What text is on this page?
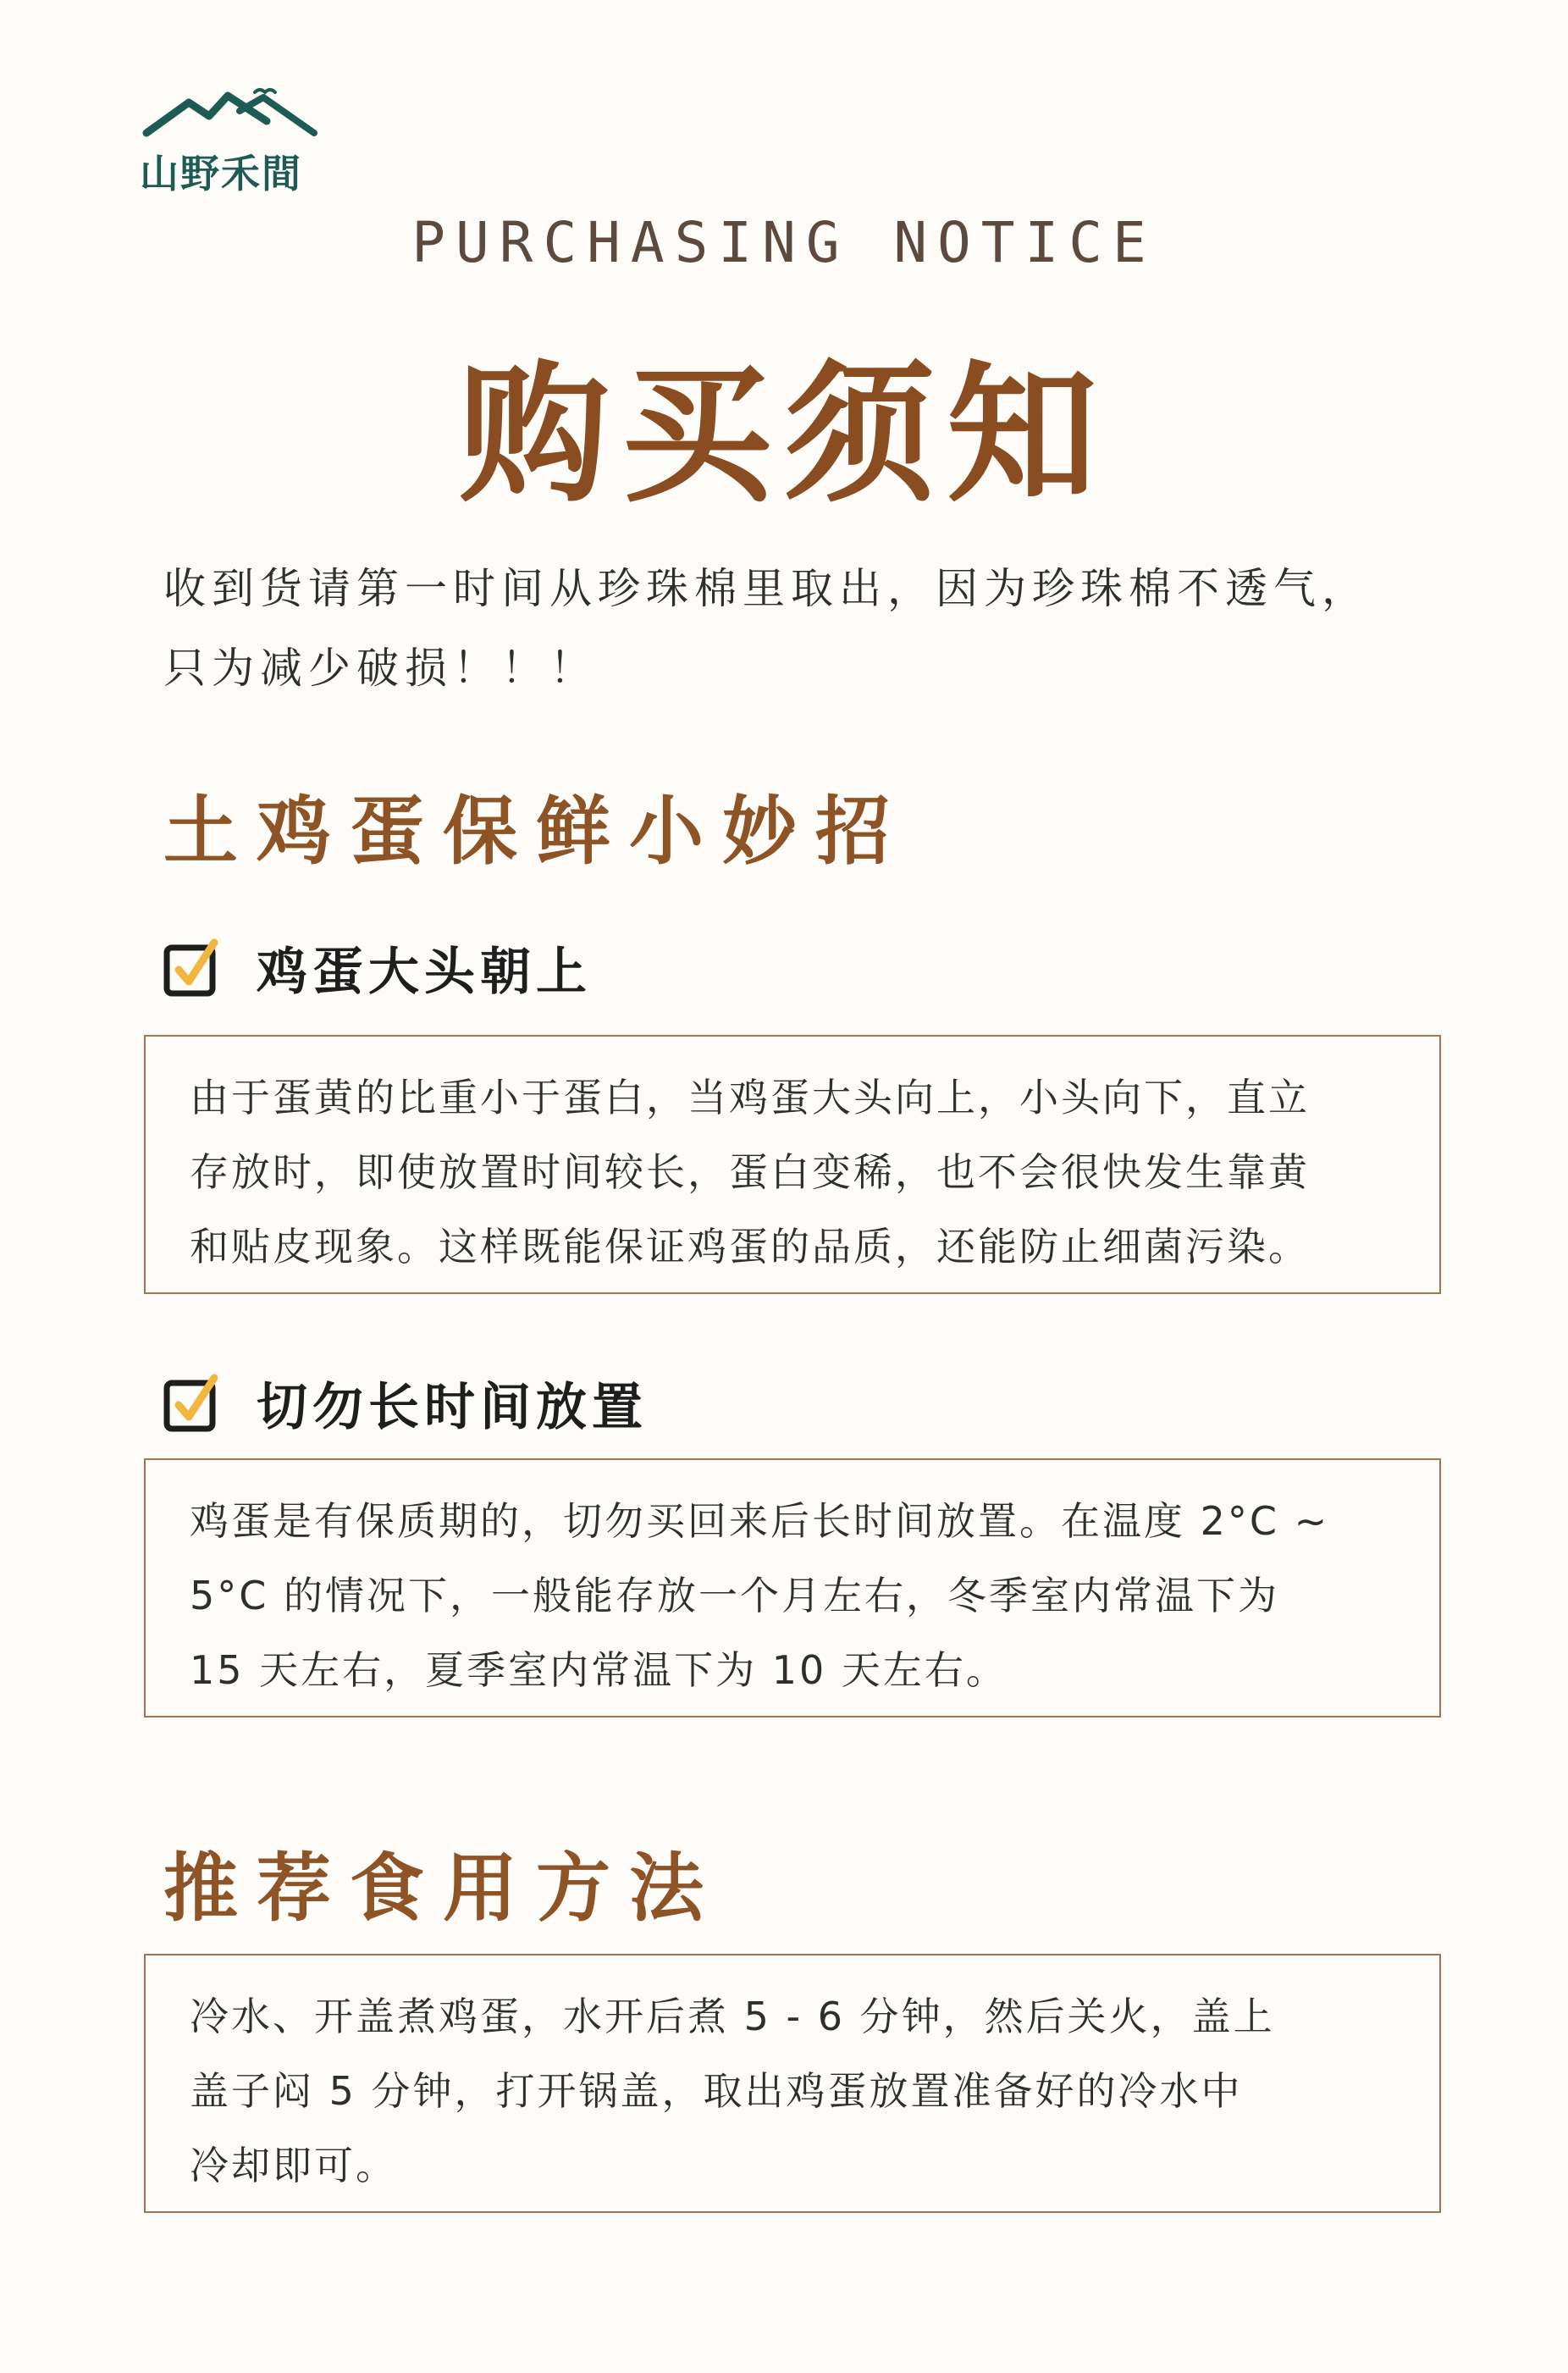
山野禾間
PURCHASING NOTICE
购买须知
收到货请第一时间从珍珠棉里取出，因为珍珠棉不透气，
只为减少破损！！！
土鸡蛋保鲜小妙招
鸡蛋大头朝上
由于蛋黄的比重小于蛋白，当鸡蛋大头向上，小头向下，直立
存放时，即使放置时间较长，蛋白变稀，也不会很快发生靠黄
和贴皮现象。这样既能保证鸡蛋的品质，还能防止细菌污染。
切勿长时间放置
鸡蛋是有保质期的，切勿买回来后长时间放置。在温度 2°C ~
5°C 的情况下，一般能存放一个月左右，冬季室内常温下为
15 天左右，夏季室内常温下为 10 天左右。
推荐食用方法
冷水、开盖煮鸡蛋，水开后煮 5 - 6 分钟，然后关火，盖上
盖子闷 5 分钟，打开锅盖，取出鸡蛋放置准备好的冷水中
冷却即可。
